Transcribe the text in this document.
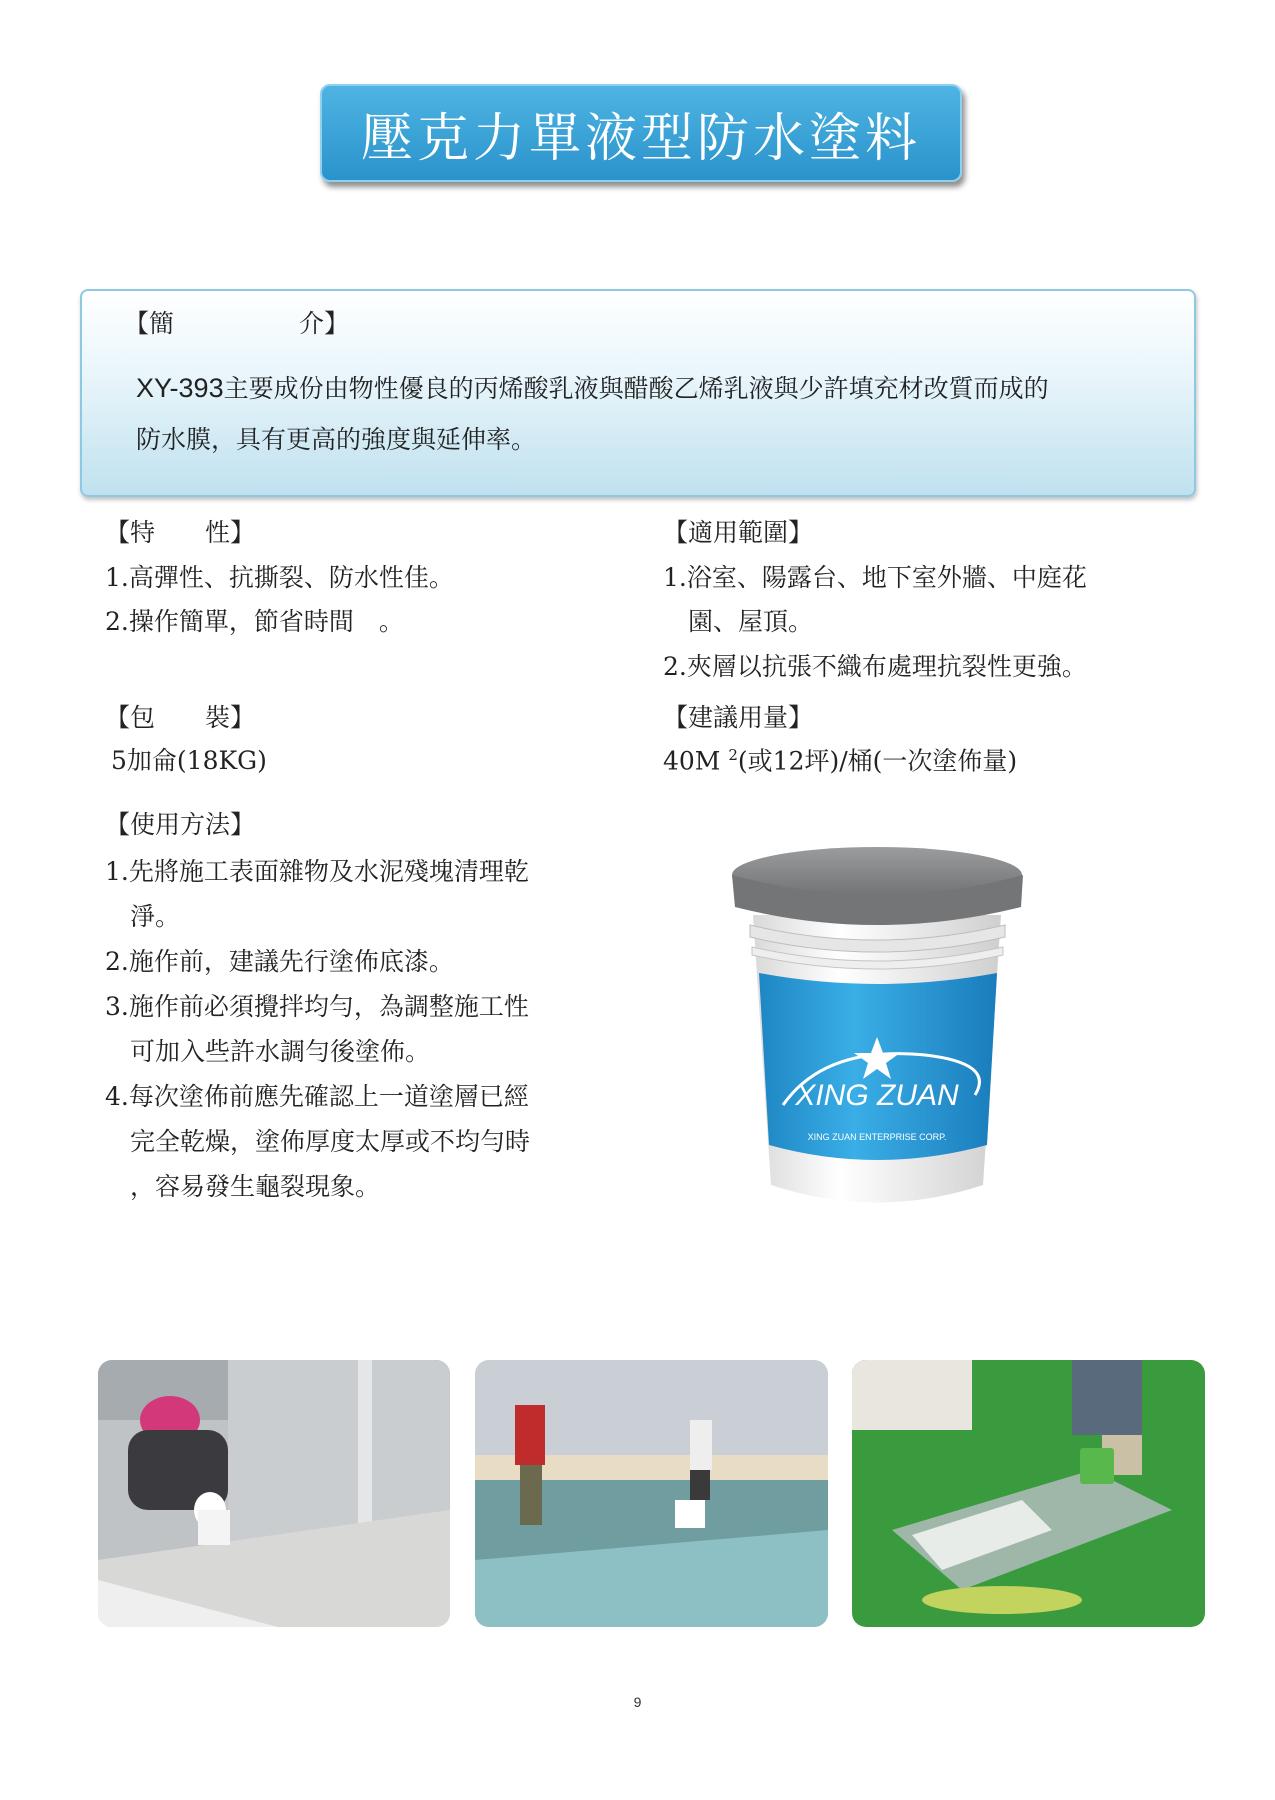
壓克力單液型防水塗料
【簡　　　　　介】
XY-393主要成份由物性優良的丙烯酸乳液與醋酸乙烯乳液與少許填充材改質而成的
防水膜，具有更高的強度與延伸率。
【特　　性】
1.高彈性、抗撕裂、防水性佳。
2.操作簡單，節省時間　。
【包　　裝】
5加侖(18KG)
【使用方法】
1.先將施工表面雜物及水泥殘塊清理乾
　淨。
2.施作前，建議先行塗佈底漆。
3.施作前必須攪拌均勻，為調整施工性
　可加入些許水調勻後塗佈。
4.每次塗佈前應先確認上一道塗層已經
　完全乾燥，塗佈厚度太厚或不均勻時
　，容易發生龜裂現象。
【適用範圍】
1.浴室、陽露台、地下室外牆、中庭花
　園、屋頂。
2.夾層以抗張不織布處理抗裂性更強。
【建議用量】
40M $^2$(或12坪)/桶(一次塗佈量)
XING ZUAN
XING ZUAN ENTERPRISE CORP.
9
